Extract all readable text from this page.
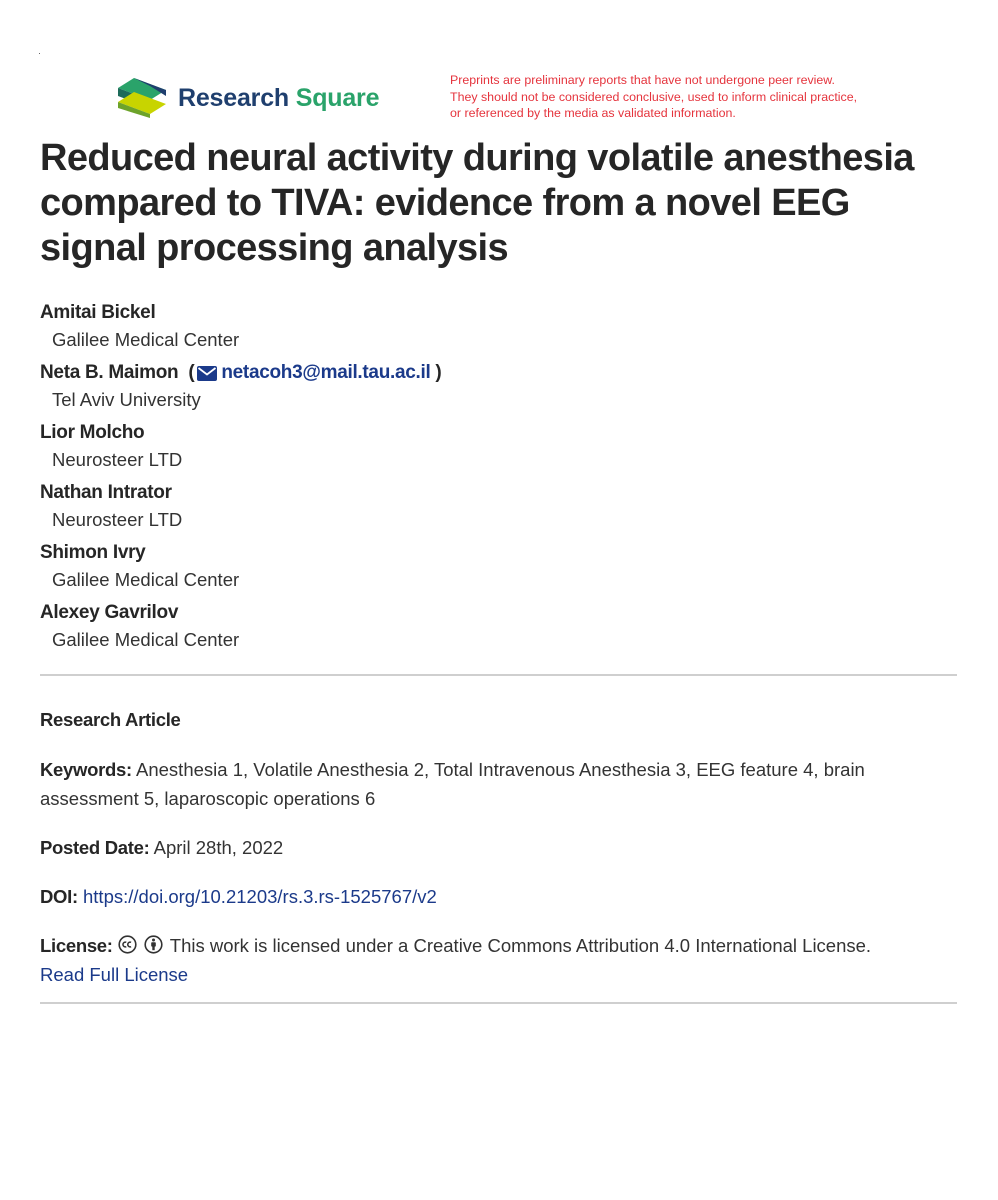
Research Square
Preprints are preliminary reports that have not undergone peer review.
They should not be considered conclusive, used to inform clinical practice,
or referenced by the media as validated information.
Reduced neural activity during volatile anesthesia compared to TIVA: evidence from a novel EEG signal processing analysis
Amitai Bickel
Galilee Medical Center
Neta B. Maimon ( netacoh3@mail.tau.ac.il )
Tel Aviv University
Lior Molcho
Neurosteer LTD
Nathan Intrator
Neurosteer LTD
Shimon Ivry
Galilee Medical Center
Alexey Gavrilov
Galilee Medical Center
Research Article
Keywords: Anesthesia 1, Volatile Anesthesia 2, Total Intravenous Anesthesia 3, EEG feature 4, brain
assessment 5, laparoscopic operations 6
Posted Date: April 28th, 2022
DOI: https://doi.org/10.21203/rs.3.rs-1525767/v2
License:	This work is licensed under a Creative Commons Attribution 4.0 International License.
Read Full License
